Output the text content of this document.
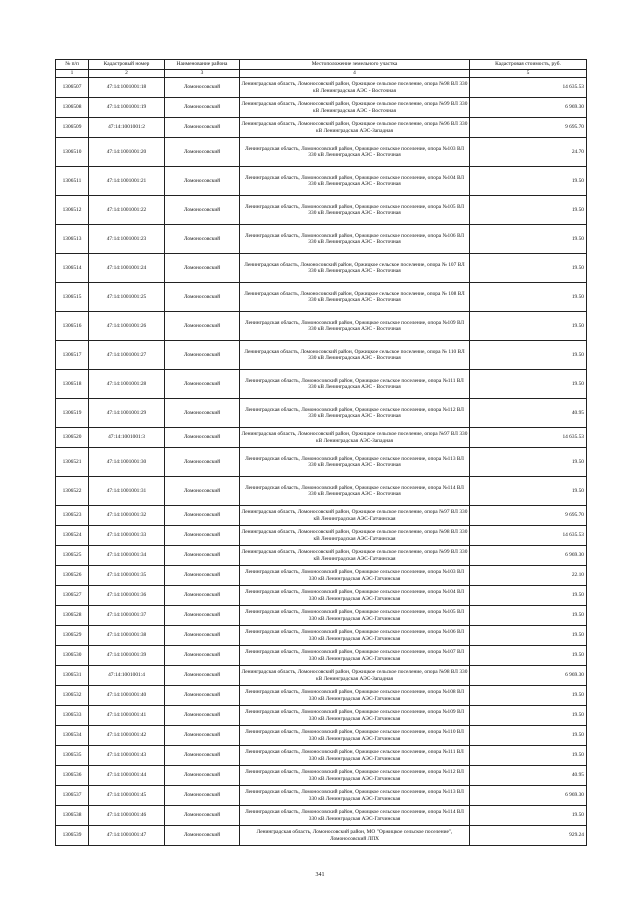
№ п/п	Кадастровый номер	Наименование района	Местоположение земельного участка	Кадастровая стоимость, руб.
1	2	3	4	5
1306507	47:14:1001001:18	Ломоносовский	Ленинградская область, Ломоносовский район, Оржицкое сельское поселение, опора №98 ВЛ 330 кВ Ленинградская АЭС - Восточная	14 635.53
1306508	47:14:1001001:19	Ломоносовский	Ленинградская область, Ломоносовский район, Оржицкое сельское поселение, опора №99 ВЛ 330 кВ Ленинградская АЭС - Восточная	6 969.30
1306509	47:14:1001001:2	Ломоносовский	Ленинградская область, Ломоносовский район, Оржицкое сельское поселение, опора №96 ВЛ 330 кВ Ленинградская АЭС-Западная	9 695.70
1306510	47:14:1001001:20	Ломоносовский	Ленинградская область, Ломоносовский район, Оржицкое сельское поселение, опора №103 ВЛ 330 кВ Ленинградская АЭС - Восточная	24.70
1306511	47:14:1001001:21	Ломоносовский	Ленинградская область, Ломоносовский район, Оржицкое сельское поселение, опора №104 ВЛ 330 кВ Ленинградская АЭС - Восточная	19.50
1306512	47:14:1001001:22	Ломоносовский	Ленинградская область, Ломоносовский район, Оржицкое сельское поселение, опора №105 ВЛ 330 кВ Ленинградская АЭС - Восточная	19.50
1306513	47:14:1001001:23	Ломоносовский	Ленинградская область, Ломоносовский район, Оржицкое сельское поселение, опора №106 ВЛ 330 кВ Ленинградская АЭС - Восточная	19.50
1306514	47:14:1001001:24	Ломоносовский	Ленинградская область, Ломоносовский район, Оржицкое сельское поселение, опора № 107 ВЛ 330 кВ Ленинградская АЭС - Восточная	19.50
1306515	47:14:1001001:25	Ломоносовский	Ленинградская область, Ломоносовский район, Оржицкое сельское поселение, опора № 108 ВЛ 330 кВ Ленинградская АЭС - Восточная	19.50
1306516	47:14:1001001:26	Ломоносовский	Ленинградская область, Ломоносовский район, Оржицкое сельское поселение, опора №109 ВЛ 330 кВ Ленинградская АЭС - Восточная	19.50
1306517	47:14:1001001:27	Ломоносовский	Ленинградская область, Ломоносовский район, Оржицкое сельское поселение, опора № 110 ВЛ 330 кВ Ленинградская АЭС - Восточная	19.50
1306518	47:14:1001001:28	Ломоносовский	Ленинградская область, Ломоносовский район, Оржицкое сельское поселение, опора №111 ВЛ 330 кВ Ленинградская АЭС - Восточная	19.50
1306519	47:14:1001001:29	Ломоносовский	Ленинградская область, Ломоносовский район, Оржицкое сельское поселение, опора №112 ВЛ 330 кВ Ленинградская АЭС - Восточная	40.95
1306520	47:14:1001001:3	Ломоносовский	Ленинградская область, Ломоносовский район, Оржицкое сельское поселение, опора №97 ВЛ 330 кВ Ленинградская АЭС-Западная	14 635.53
1306521	47:14:1001001:30	Ломоносовский	Ленинградская область, Ломоносовский район, Оржицкое сельское поселение, опора №113 ВЛ 330 кВ Ленинградская АЭС - Восточная	19.50
1306522	47:14:1001001:31	Ломоносовский	Ленинградская область, Ломоносовский район, Оржицкое сельское поселение, опора №114 ВЛ 330 кВ Ленинградская АЭС - Восточная	19.50
1306523	47:14:1001001:32	Ломоносовский	Ленинградская область, Ломоносовский район, Оржицкое сельское поселение, опора №97 ВЛ 330 кВ Ленинградская АЭС-Гатчинская	9 695.70
1306524	47:14:1001001:33	Ломоносовский	Ленинградская область, Ломоносовский район, Оржицкое сельское поселение, опора №98 ВЛ 330 кВ Ленинградская АЭС-Гатчинская	14 635.53
1306525	47:14:1001001:34	Ломоносовский	Ленинградская область, Ломоносовский район, Оржицкое сельское поселение, опора №99 ВЛ 330 кВ Ленинградская АЭС-Гатчинская	6 969.30
1306526	47:14:1001001:35	Ломоносовский	Ленинградская область, Ломоносовский район, Оржицкое сельское поселение, опора №103 ВЛ 330 кВ Ленинградская АЭС-Гатчинская	22.10
1306527	47:14:1001001:36	Ломоносовский	Ленинградская область, Ломоносовский район, Оржицкое сельское поселение, опора №104 ВЛ 330 кВ Ленинградская АЭС-Гатчинская	19.50
1306528	47:14:1001001:37	Ломоносовский	Ленинградская область, Ломоносовский район, Оржицкое сельское поселение, опора №105 ВЛ 330 кВ Ленинградская АЭС-Гатчинская	19.50
1306529	47:14:1001001:38	Ломоносовский	Ленинградская область, Ломоносовский район, Оржицкое сельское поселение, опора №106 ВЛ 330 кВ Ленинградская АЭС-Гатчинская	19.50
1306530	47:14:1001001:39	Ломоносовский	Ленинградская область, Ломоносовский район, Оржицкое сельское поселение, опора №107 ВЛ 330 кВ Ленинградская АЭС-Гатчинская	19.50
1306531	47:14:1001001:4	Ломоносовский	Ленинградская область, Ломоносовский район, Оржицкое сельское поселение, опора №98 ВЛ 330 кВ Ленинградская АЭС-Западная	6 969.30
1306532	47:14:1001001:40	Ломоносовский	Ленинградская область, Ломоносовский район, Оржицкое сельское поселение, опора №108 ВЛ 330 кВ Ленинградская АЭС-Гатчинская	19.50
1306533	47:14:1001001:41	Ломоносовский	Ленинградская область, Ломоносовский район, Оржицкое сельское поселение, опора №109 ВЛ 330 кВ Ленинградская АЭС-Гатчинская	19.50
1306534	47:14:1001001:42	Ломоносовский	Ленинградская область, Ломоносовский район, Оржицкое сельское поселение, опора №110 ВЛ 330 кВ Ленинградская АЭС-Гатчинская	19.50
1306535	47:14:1001001:43	Ломоносовский	Ленинградская область, Ломоносовский район, Оржицкое сельское поселение, опора №111 ВЛ 330 кВ Ленинградская АЭС-Гатчинская	19.50
1306536	47:14:1001001:44	Ломоносовский	Ленинградская область, Ломоносовский район, Оржицкое сельское поселение, опора №112 ВЛ 330 кВ Ленинградская АЭС-Гатчинская	40.95
1306537	47:14:1001001:45	Ломоносовский	Ленинградская область, Ломоносовский район, Оржицкое сельское поселение, опора №113 ВЛ 330 кВ Ленинградская АЭС-Гатчинская	6 969.30
1306538	47:14:1001001:46	Ломоносовский	Ленинградская область, Ломоносовский район, Оржицкое сельское поселение, опора №114 ВЛ 330 кВ Ленинградская АЭС-Гатчинская	19.50
1306539	47:14:1001001:47	Ломоносовский	Ленинградская область, Ломоносовский район, МО "Оржицкое сельское поселение", Ломоносовский ЛПХ	929.24
341
